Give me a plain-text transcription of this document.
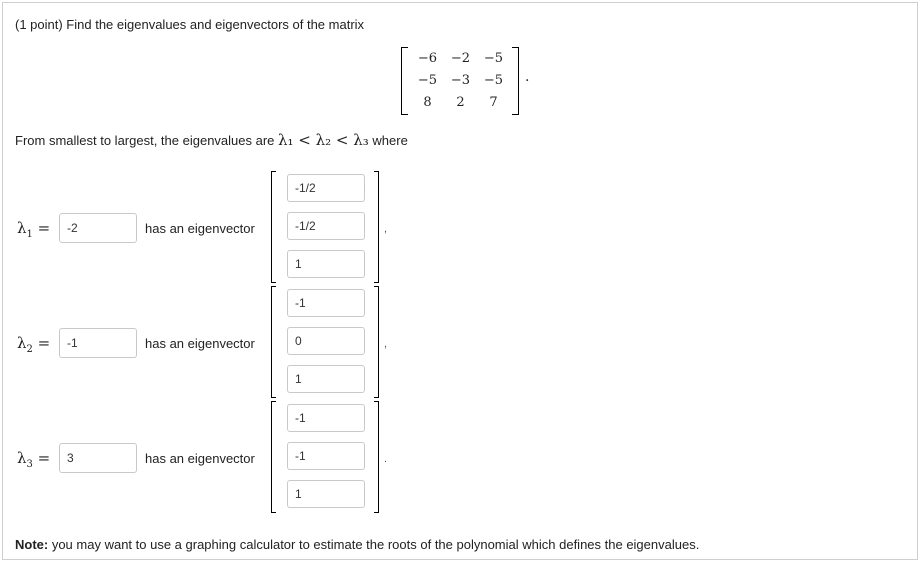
(1 point) Find the eigenvalues and eigenvectors of the matrix
−6	−2	−5
−5	−3	−5
8	2	7
.
From smallest to largest, the eigenvalues are λ₁ < λ₂ < λ₃ where
$\lambda_1$ =
-2	has an eigenvector
-1/2
-1/2
1	,
$\lambda_2$ =
-1	has an eigenvector
-1
0
1	,
$\lambda_3$ =
3	has an eigenvector
-1
-1
1	.
Note: you may want to use a graphing calculator to estimate the roots of the polynomial which defines the eigenvalues.
